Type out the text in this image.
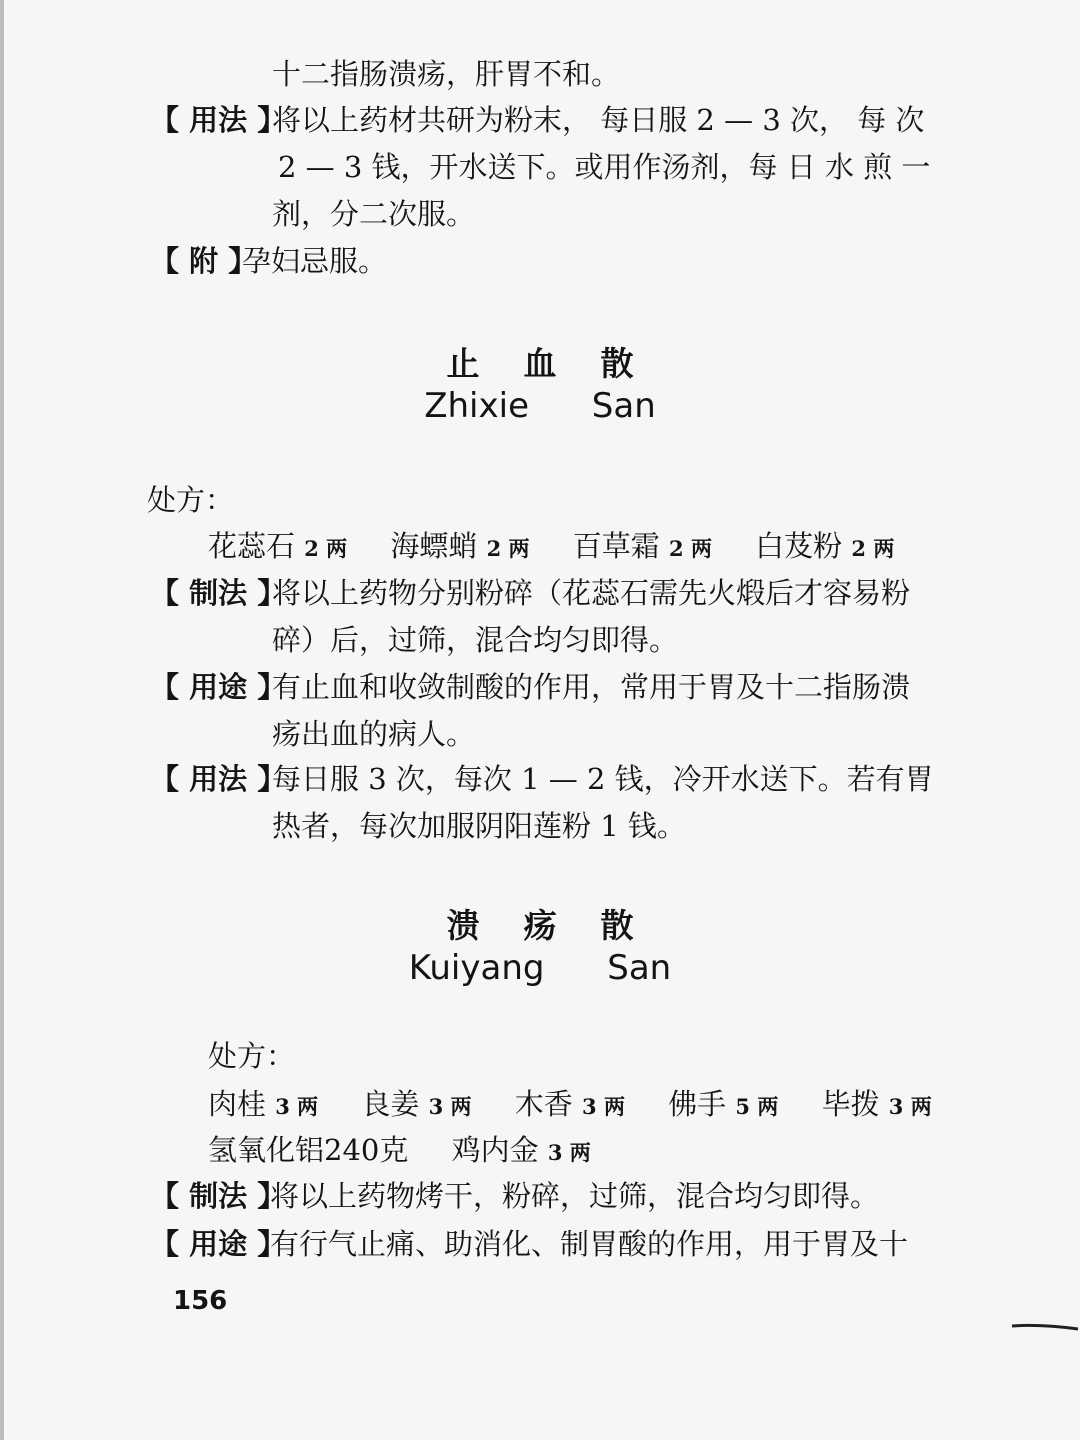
十二指肠溃疡，肝胃不和。
【 用法 】
将以上药材共研为粉末， 每日服 2 — 3 次， 每 次
2 — 3 钱，开水送下。或用作汤剂，每 日 水 煎 一
剂，分二次服。
【 附 】
孕妇忌服。
止血散
Zhixie San
处方：
花蕊石 2 两 海螵蛸 2 两 百草霜 2 两 白芨粉 2 两
【 制法 】
将以上药物分别粉碎（花蕊石需先火煅后才容易粉
碎）后，过筛，混合均匀即得。
【 用途 】
有止血和收敛制酸的作用，常用于胃及十二指肠溃
疡出血的病人。
【 用法 】
每日服 3 次，每次 1 — 2 钱，冷开水送下。若有胃
热者，每次加服阴阳莲粉 1 钱。
溃疡散
Kuiyang San
处方：
肉桂 3 两 良姜 3 两 木香 3 两 佛手 5 两 毕拨 3 两
氢氧化铝240克 鸡内金 3 两
【 制法 】
将以上药物烤干，粉碎，过筛，混合均匀即得。
【 用途 】
有行气止痛、助消化、制胃酸的作用，用于胃及十
156
